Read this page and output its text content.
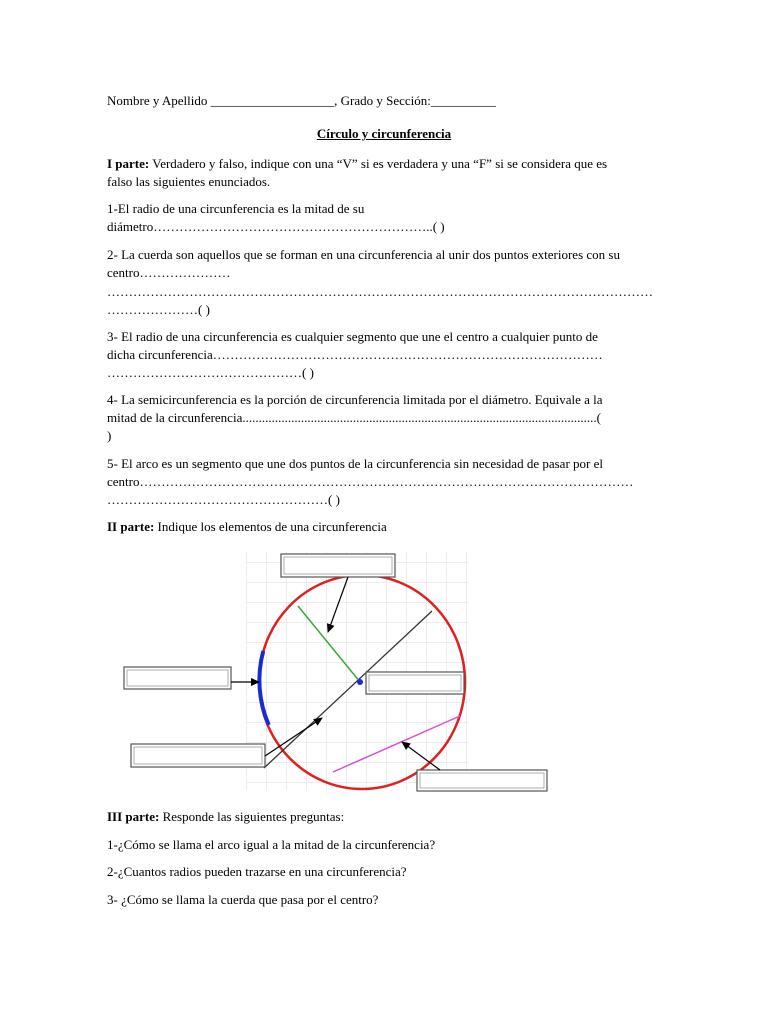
Nombre y Apellido ___________________, Grado y Sección:__________
Círculo y circunferencia
I parte: Verdadero y falso, indique con una “V” si es verdadera y una “F” si se considera que es
falso las siguientes enunciados.
1-El radio de una circunferencia es la mitad de su
diámetro………………………………………………………..( )
2- La cuerda son aquellos que se forman en una circunferencia al unir dos puntos exteriores con su
centro…………………
………………………………………………………………………………………………………………
…………………( )
3- El radio de una circunferencia es cualquier segmento que une el centro a cualquier punto de
dicha circunferencia………………………………………………………………………………
………………………………………( )
4- La semicircunferencia es la porción de circunferencia limitada por el diámetro. Equivale a la
mitad de la circunferencia.............................................................................................................(
)
5- El arco es un segmento que une dos puntos de la circunferencia sin necesidad de pasar por el
centro……………………………………………………………………………………………………
……………………………………………( )
II parte: Indique los elementos de una circunferencia
III parte: Responde las siguientes preguntas:
1-¿Cómo se llama el arco igual a la mitad de la circunferencia?
2-¿Cuantos radios pueden trazarse en una circunferencia?
3- ¿Cómo se llama la cuerda que pasa por el centro?
